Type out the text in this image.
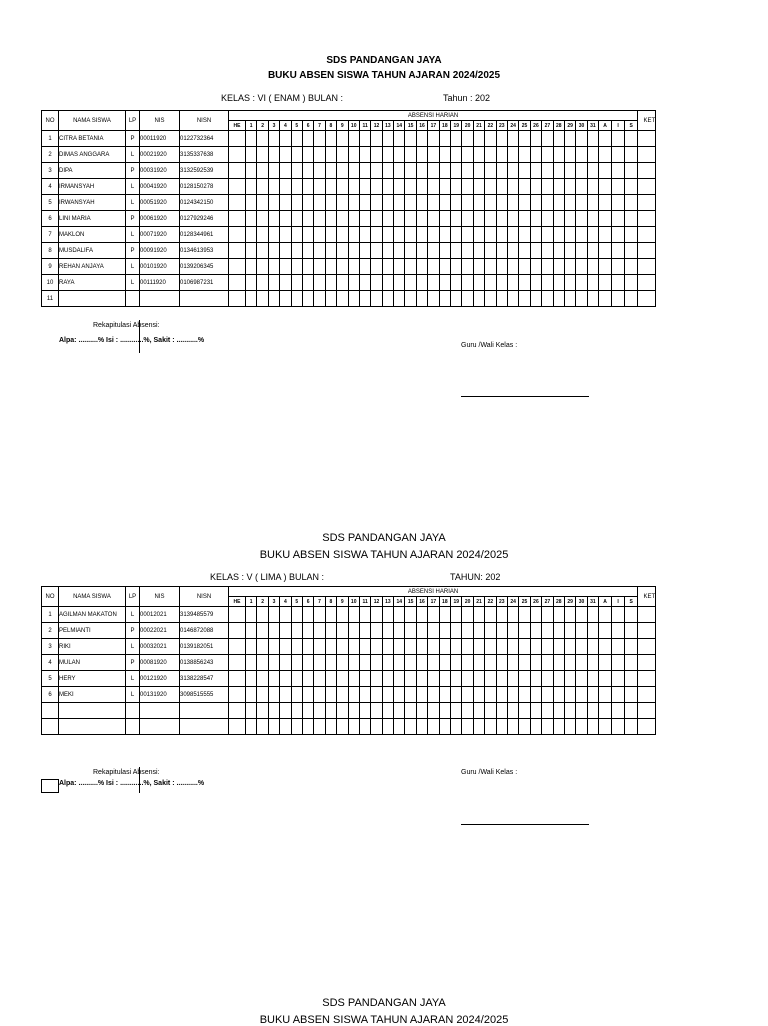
SDS PANDANGAN JAYA
BUKU ABSEN SISWA TAHUN AJARAN 2024/2025
KELAS : VI ( ENAM ) BULAN :	Tahun : 202
NO	NAMA SISWA	LP	NIS	NISN	ABSENSI HARIAN																																			KET
					HE	1	2	3	4	5	6	7	8	9	10	11	12	13	14	15	16	17	18	19	20	21	22	23	24	25	26	27	28	29	30	31	A	I	S	
1	CITRA BETANIA	P	00011920	0122732364																																				
2	DIMAS ANGGARA	L	00021920	3135337638																																				
3	DIPA	P	00031920	3132592539																																				
4	IRMANSYAH	L	00041920	0128150278																																				
5	IRWANSYAH	L	00051920	0124342150																																				
6	LINI MARIA	P	00061920	0127929246																																				
7	MAKLON	L	00071920	0128344961																																				
8	MUSDALIFA	P	00091920	0134613953																																				
9	REHAN ANJAYA	L	00101920	0139206345																																				
10	RAYA	L	00111920	0106987231																																				
11																																								
Rekapitulasi Absensi:
Alpa: ..........% Isi : ............%, Sakit : ...........%
Guru /Wali Kelas :
SDS PANDANGAN JAYA
BUKU ABSEN SISWA TAHUN AJARAN 2024/2025
KELAS : V ( LIMA ) BULAN :	TAHUN: 202
NO	NAMA SISWA	LP	NIS	NISN	ABSENSI HARIAN																																			KET
					HE	1	2	3	4	5	6	7	8	9	10	11	12	13	14	15	16	17	18	19	20	21	22	23	24	25	26	27	28	29	30	31	A	I	S	
1	AGILMAN MAKATON	L	00012021	3139485579																																				
2	PELMIANTI	P	00022021	0146872088																																				
3	RIKI	L	00032021	0139182051																																				
4	MULAN	P	00081920	0138856243																																				
5	HERY	L	00121920	3138228547																																				
6	MEKI	L	00131920	3098515555																																				

Rekapitulasi Absensi:
Alpa: ..........% Isi : ............%, Sakit : ...........%
Guru /Wali Kelas :
SDS PANDANGAN JAYA
BUKU ABSEN SISWA TAHUN AJARAN 2024/2025
